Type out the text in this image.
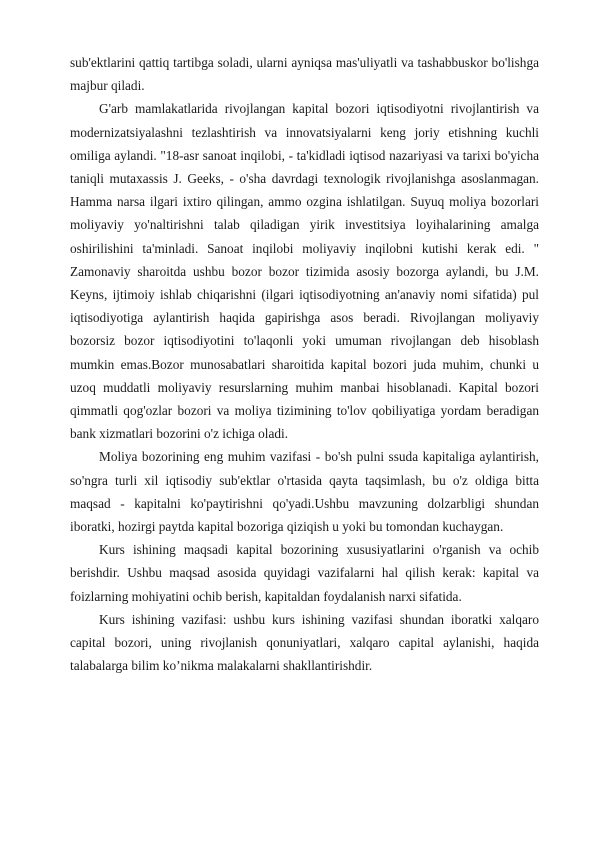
sub'ektlarini qattiq tartibga soladi, ularni ayniqsa mas'uliyatli va tashabbuskor bo'lishga majbur qiladi.

G'arb mamlakatlarida rivojlangan kapital bozori iqtisodiyotni rivojlantirish va modernizatsiyalashni tezlashtirish va innovatsiyalarni keng joriy etishning kuchli omiliga aylandi. "18-asr sanoat inqilobi, - ta'kidladi iqtisod nazariyasi va tarixi bo'yicha taniqli mutaxassis J. Geeks, - o'sha davrdagi texnologik rivojlanishga asoslanmagan. Hamma narsa ilgari ixtiro qilingan, ammo ozgina ishlatilgan. Suyuq moliya bozorlari moliyaviy yo'naltirishni talab qiladigan yirik investitsiya loyihalarining amalga oshirilishini ta'minladi. Sanoat inqilobi moliyaviy inqilobni kutishi kerak edi. " Zamonaviy sharoitda ushbu bozor bozor tizimida asosiy bozorga aylandi, bu J.M. Keyns, ijtimoiy ishlab chiqarishni (ilgari iqtisodiyotning an'anaviy nomi sifatida) pul iqtisodiyotiga aylantirish haqida gapirishga asos beradi. Rivojlangan moliyaviy bozorsiz bozor iqtisodiyotini to'laqonli yoki umuman rivojlangan deb hisoblash mumkin emas.Bozor munosabatlari sharoitida kapital bozori juda muhim, chunki u uzoq muddatli moliyaviy resurslarning muhim manbai hisoblanadi. Kapital bozori qimmatli qog'ozlar bozori va moliya tizimining to'lov qobiliyatiga yordam beradigan bank xizmatlari bozorini o'z ichiga oladi.

Moliya bozorining eng muhim vazifasi - bo'sh pulni ssuda kapitaliga aylantirish, so'ngra turli xil iqtisodiy sub'ektlar o'rtasida qayta taqsimlash, bu o'z oldiga bitta maqsad - kapitalni ko'paytirishni qo'yadi.Ushbu mavzuning dolzarbligi shundan iboratki, hozirgi paytda kapital bozoriga qiziqish u yoki bu tomondan kuchaygan.

Kurs ishining maqsadi kapital bozorining xususiyatlarini o'rganish va ochib berishdir. Ushbu maqsad asosida quyidagi vazifalarni hal qilish kerak: kapital va foizlarning mohiyatini ochib berish, kapitaldan foydalanish narxi sifatida.

Kurs ishining vazifasi: ushbu kurs ishining vazifasi shundan iboratki xalqaro capital bozori, uning rivojlanish qonuniyatlari, xalqaro capital aylanishi, haqida talabalarga bilim ko’nikma malakalarni shakllantirishdir.
